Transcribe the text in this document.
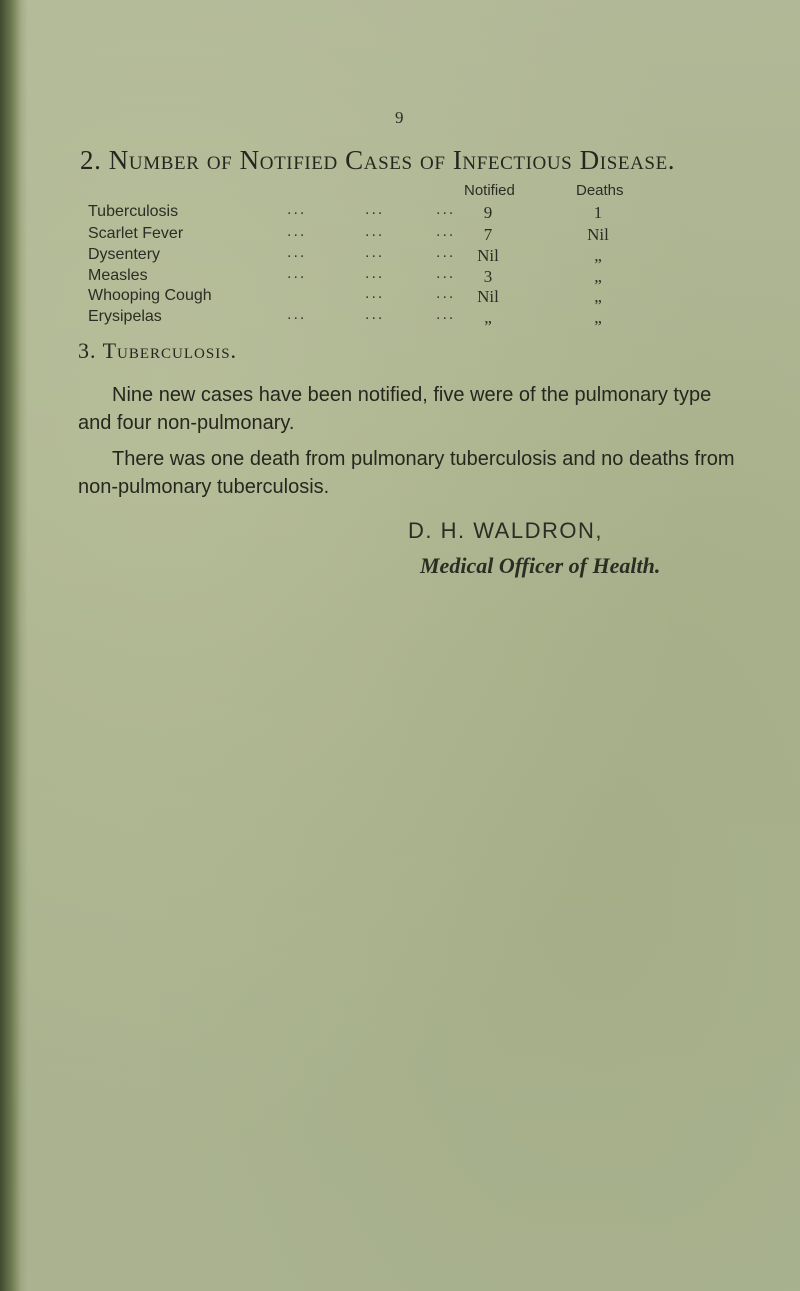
9
2. Number of Notified Cases of Infectious Disease.
Notified	Deaths
Tuberculosis	...	...	...	9	1
Scarlet Fever	...	...	...	7	Nil
Dysentery	...	...	...	Nil	„
Measles	...	...	...	3	„
Whooping Cough	...	...	Nil	„
Erysipelas	...	...	...	„	„
3. Tuberculosis.

Nine new cases have been notified, five were of the pulmonary type and four non-pulmonary.

There was one death from pulmonary tuberculosis and no deaths from non-pulmonary tuberculosis.

D. H. WALDRON,
Medical Officer of Health.
